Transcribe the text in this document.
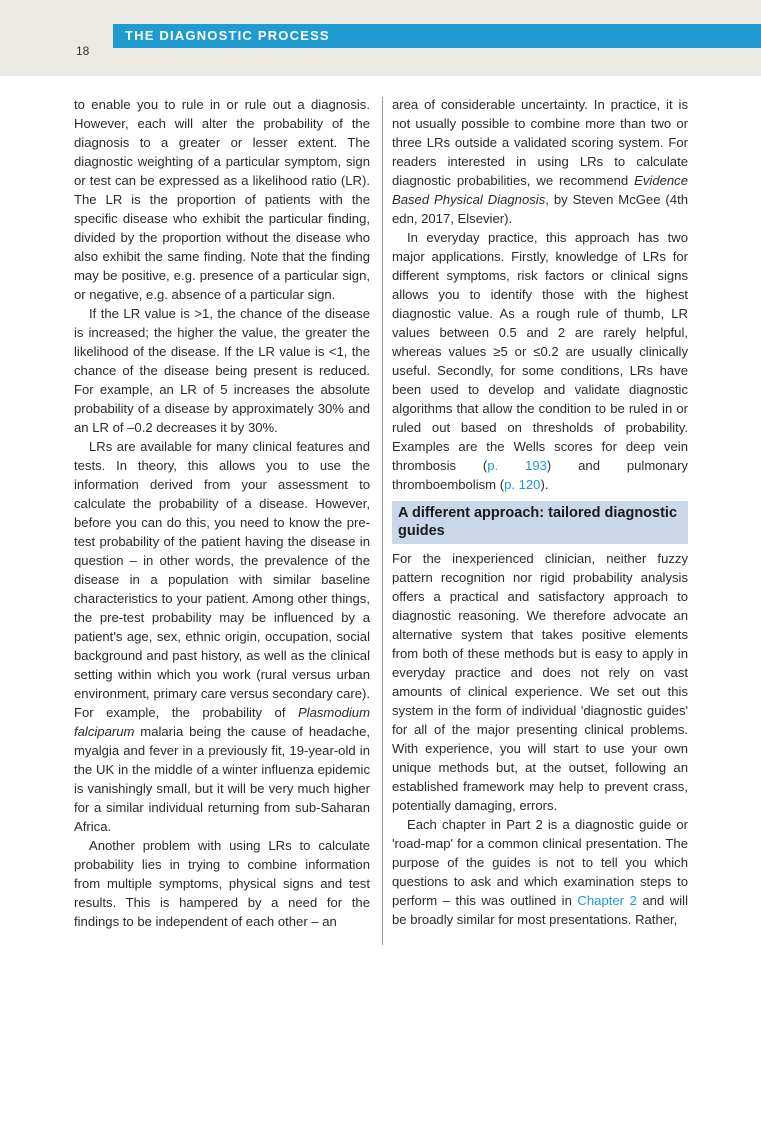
THE DIAGNOSTIC PROCESS
18

to enable you to rule in or rule out a diagnosis. However, each will alter the probability of the diagnosis to a greater or lesser extent. The diagnostic weighting of a particular symptom, sign or test can be expressed as a likelihood ratio (LR). The LR is the proportion of patients with the specific disease who exhibit the particular finding, divided by the proportion without the disease who also exhibit the same finding. Note that the finding may be positive, e.g. presence of a particular sign, or negative, e.g. absence of a particular sign.

If the LR value is >1, the chance of the disease is increased; the higher the value, the greater the likelihood of the disease. If the LR value is <1, the chance of the disease being present is reduced. For example, an LR of 5 increases the absolute probability of a disease by approximately 30% and an LR of –0.2 decreases it by 30%.

LRs are available for many clinical features and tests. In theory, this allows you to use the information derived from your assessment to calculate the probability of a disease. However, before you can do this, you need to know the pre-test probability of the patient having the disease in question – in other words, the prevalence of the disease in a population with similar baseline characteristics to your patient. Among other things, the pre-test probability may be influenced by a patient's age, sex, ethnic origin, occupation, social background and past history, as well as the clinical setting within which you work (rural versus urban environment, primary care versus secondary care). For example, the probability of Plasmodium falciparum malaria being the cause of headache, myalgia and fever in a previously fit, 19-year-old in the UK in the middle of a winter influenza epidemic is vanishingly small, but it will be very much higher for a similar individual returning from sub-Saharan Africa.

Another problem with using LRs to calculate probability lies in trying to combine information from multiple symptoms, physical signs and test results. This is hampered by a need for the findings to be independent of each other – an

area of considerable uncertainty. In practice, it is not usually possible to combine more than two or three LRs outside a validated scoring system. For readers interested in using LRs to calculate diagnostic probabilities, we recommend Evidence Based Physical Diagnosis, by Steven McGee (4th edn, 2017, Elsevier).

In everyday practice, this approach has two major applications. Firstly, knowledge of LRs for different symptoms, risk factors or clinical signs allows you to identify those with the highest diagnostic value. As a rough rule of thumb, LR values between 0.5 and 2 are rarely helpful, whereas values ≥5 or ≤0.2 are usually clinically useful. Secondly, for some conditions, LRs have been used to develop and validate diagnostic algorithms that allow the condition to be ruled in or ruled out based on thresholds of probability. Examples are the Wells scores for deep vein thrombosis (p. 193) and pulmonary thromboembolism (p. 120).

A different approach: tailored diagnostic guides

For the inexperienced clinician, neither fuzzy pattern recognition nor rigid probability analysis offers a practical and satisfactory approach to diagnostic reasoning. We therefore advocate an alternative system that takes positive elements from both of these methods but is easy to apply in everyday practice and does not rely on vast amounts of clinical experience. We set out this system in the form of individual 'diagnostic guides' for all of the major presenting clinical problems. With experience, you will start to use your own unique methods but, at the outset, following an established framework may help to prevent crass, potentially damaging, errors.

Each chapter in Part 2 is a diagnostic guide or 'road-map' for a common clinical presentation. The purpose of the guides is not to tell you which questions to ask and which examination steps to perform – this was outlined in Chapter 2 and will be broadly similar for most presentations. Rather,
